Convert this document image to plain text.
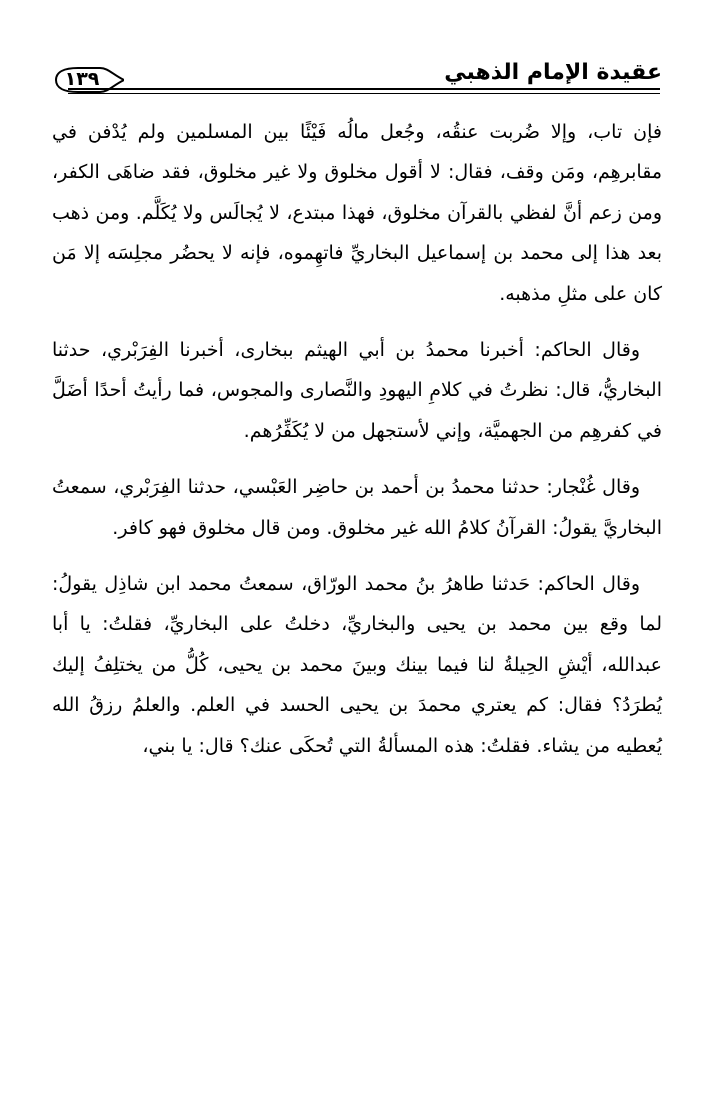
عقيدة الإمام الذهبي
١٣٩

فإن تاب، وإلا ضُربت عنقُه، وجُعل مالُه فَيْئًا بين المسلمين ولم يُدْفن في مقابرهِم، ومَن وقف، فقال: لا أقول مخلوق ولا غير مخلوق، فقد ضاهَى الكفر، ومن زعم أنَّ لفظي بالقرآن مخلوق، فهذا مبتدع، لا يُجالَس ولا يُكَلَّم. ومن ذهب بعد هذا إلى محمد بن إسماعيل البخاريِّ فاتهِموه، فإنه لا يحضُر مجلِسَه إلا مَن كان على مثلِ مذهبه.

وقال الحاكم: أخبرنا محمدُ بن أبي الهيثم ببخارى، أخبرنا الفِرَبْري، حدثنا البخاريُّ، قال: نظرتُ في كلامِ اليهودِ والنَّصارى والمجوس، فما رأيتُ أحدًا أضَلَّ في كفرهِم من الجهميَّة، وإني لأستجهل من لا يُكَفِّرُهم.

وقال غُنْجار: حدثنا محمدُ بن أحمد بن حاضِر العَبْسي، حدثنا الفِرَبْري، سمعتُ البخاريَّ يقولُ: القرآنُ كلامُ الله غير مخلوق. ومن قال مخلوق فهو كافر.

وقال الحاكم: حَدثنا طاهرُ بنُ محمد الورّاق، سمعتُ محمد ابن شاذِل يقولُ: لما وقع بين محمد بن يحيى والبخاريِّ، دخلتُ على البخاريِّ، فقلتُ: يا أبا عبدالله، أيْشِ الحِيلةُ لنا فيما بينك وبينَ محمد بن يحيى، كُلُّ من يختلِفُ إليك يُطرَدُ؟ فقال: كم يعتري محمدَ بن يحيى الحسد في العلم. والعلمُ رزقُ الله يُعطيه من يشاء. فقلتُ: هذه المسألةُ التي تُحكَى عنك؟ قال: يا بني،
